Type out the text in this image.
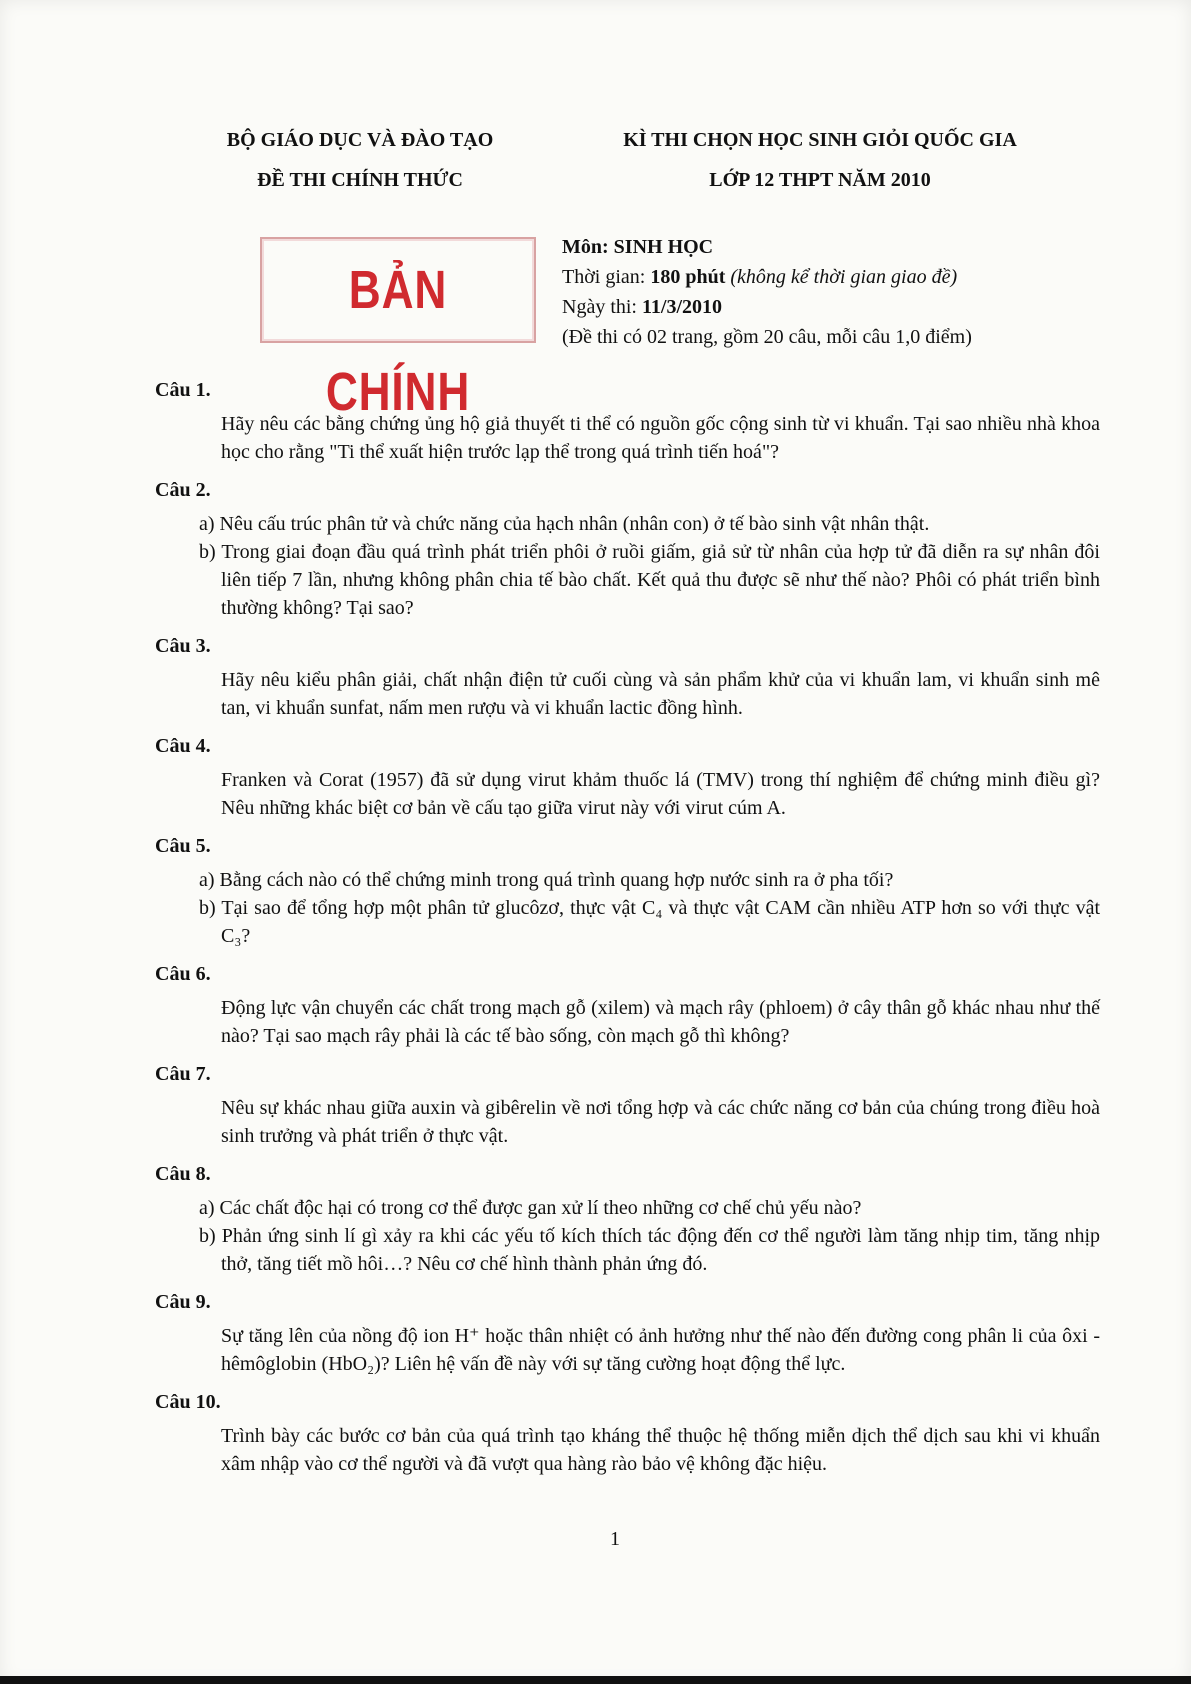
BỘ GIÁO DỤC VÀ ĐÀO TẠO
ĐỀ THI CHÍNH THỨC
KÌ THI CHỌN HỌC SINH GIỎI QUỐC GIA
LỚP 12 THPT NĂM 2010
BẢN CHÍNH
Môn: SINH HỌC
Thời gian: 180 phút (không kể thời gian giao đề)
Ngày thi: 11/3/2010
(Đề thi có 02 trang, gồm 20 câu, mỗi câu 1,0 điểm)
Câu 1.
Hãy nêu các bằng chứng ủng hộ giả thuyết ti thể có nguồn gốc cộng sinh từ vi khuẩn. Tại sao nhiều nhà khoa học cho rằng "Ti thể xuất hiện trước lạp thể trong quá trình tiến hoá"?
Câu 2.
a) Nêu cấu trúc phân tử và chức năng của hạch nhân (nhân con) ở tế bào sinh vật nhân thật.
b) Trong giai đoạn đầu quá trình phát triển phôi ở ruồi giấm, giả sử từ nhân của hợp tử đã diễn ra sự nhân đôi liên tiếp 7 lần, nhưng không phân chia tế bào chất. Kết quả thu được sẽ như thế nào? Phôi có phát triển bình thường không? Tại sao?
Câu 3.
Hãy nêu kiểu phân giải, chất nhận điện tử cuối cùng và sản phẩm khử của vi khuẩn lam, vi khuẩn sinh mê tan, vi khuẩn sunfat, nấm men rượu và vi khuẩn lactic đồng hình.
Câu 4.
Franken và Corat (1957) đã sử dụng virut khảm thuốc lá (TMV) trong thí nghiệm để chứng minh điều gì? Nêu những khác biệt cơ bản về cấu tạo giữa virut này với virut cúm A.
Câu 5.
a) Bằng cách nào có thể chứng minh trong quá trình quang hợp nước sinh ra ở pha tối?
b) Tại sao để tổng hợp một phân tử glucôzơ, thực vật C₄ và thực vật CAM cần nhiều ATP hơn so với thực vật C₃?
Câu 6.
Động lực vận chuyển các chất trong mạch gỗ (xilem) và mạch rây (phloem) ở cây thân gỗ khác nhau như thế nào? Tại sao mạch rây phải là các tế bào sống, còn mạch gỗ thì không?
Câu 7.
Nêu sự khác nhau giữa auxin và gibêrelin về nơi tổng hợp và các chức năng cơ bản của chúng trong điều hoà sinh trưởng và phát triển ở thực vật.
Câu 8.
a) Các chất độc hại có trong cơ thể được gan xử lí theo những cơ chế chủ yếu nào?
b) Phản ứng sinh lí gì xảy ra khi các yếu tố kích thích tác động đến cơ thể người làm tăng nhịp tim, tăng nhịp thở, tăng tiết mồ hôi…? Nêu cơ chế hình thành phản ứng đó.
Câu 9.
Sự tăng lên của nồng độ ion H⁺ hoặc thân nhiệt có ảnh hưởng như thế nào đến đường cong phân li của ôxi - hêmôglobin (HbO₂)? Liên hệ vấn đề này với sự tăng cường hoạt động thể lực.
Câu 10.
Trình bày các bước cơ bản của quá trình tạo kháng thể thuộc hệ thống miễn dịch thể dịch sau khi vi khuẩn xâm nhập vào cơ thể người và đã vượt qua hàng rào bảo vệ không đặc hiệu.
1
